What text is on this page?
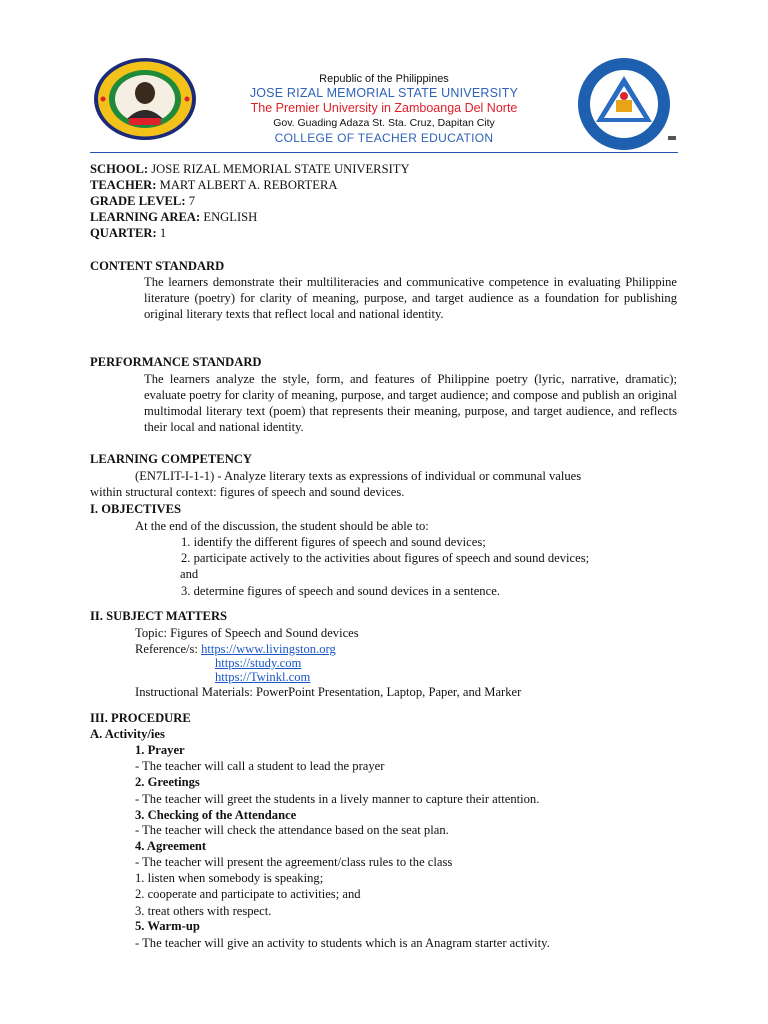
Republic of the Philippines
JOSE RIZAL MEMORIAL STATE UNIVERSITY
The Premier University in Zamboanga Del Norte
Gov. Guading Adaza St. Sta. Cruz, Dapitan City
COLLEGE OF TEACHER EDUCATION
SCHOOL: JOSE RIZAL MEMORIAL STATE UNIVERSITY
TEACHER: MART ALBERT A. REBORTERA
GRADE LEVEL: 7
LEARNING AREA: ENGLISH
QUARTER: 1
CONTENT STANDARD
The learners demonstrate their multiliteracies and communicative competence in evaluating Philippine literature (poetry) for clarity of meaning, purpose, and target audience as a foundation for publishing original literary texts that reflect local and national identity.
PERFORMANCE STANDARD
The learners analyze the style, form, and features of Philippine poetry (lyric, narrative, dramatic); evaluate poetry for clarity of meaning, purpose, and target audience; and compose and publish an original multimodal literary text (poem) that represents their meaning, purpose, and target audience, and reflects their local and national identity.
LEARNING COMPETENCY
(EN7LIT-I-1-1) - Analyze literary texts as expressions of individual or communal values
within structural context: figures of speech and sound devices.
I. OBJECTIVES
At the end of the discussion, the student should be able to:
1. identify the different figures of speech and sound devices;
2. participate actively to the activities about figures of speech and sound devices;
and
3. determine figures of speech and sound devices in a sentence.
II. SUBJECT MATTERS
Topic: Figures of Speech and Sound devices
Reference/s: https://www.livingston.org
https://study.com
https://Twinkl.com
Instructional Materials: PowerPoint Presentation, Laptop, Paper, and Marker
III. PROCEDURE
A. Activity/ies
1. Prayer
- The teacher will call a student to lead the prayer
2. Greetings
- The teacher will greet the students in a lively manner to capture their attention.
3. Checking of the Attendance
- The teacher will check the attendance based on the seat plan.
4. Agreement
- The teacher will present the agreement/class rules to the class
1. listen when somebody is speaking;
2. cooperate and participate to activities; and
3. treat others with respect.
5. Warm-up
- The teacher will give an activity to students which is an Anagram starter activity.
